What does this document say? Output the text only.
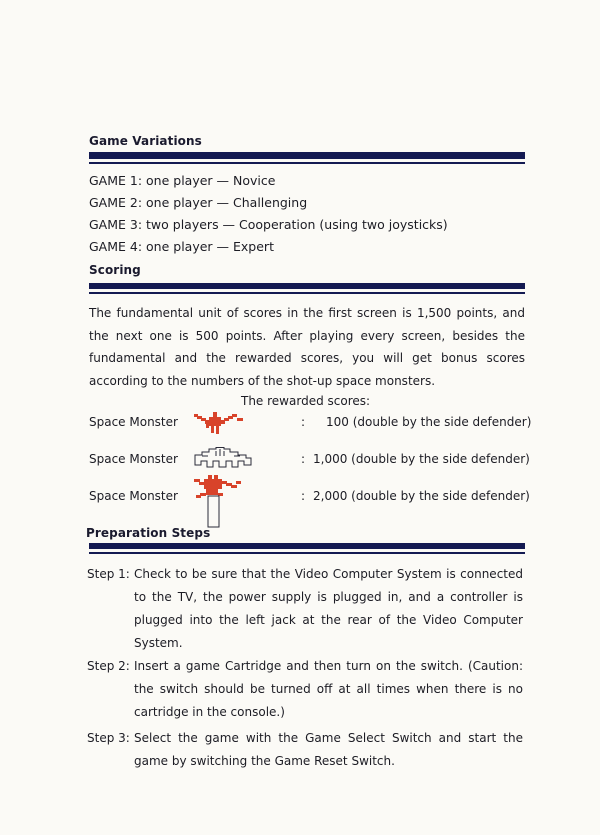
Game Variations
GAME 1: one player — Novice
GAME 2: one player — Challenging
GAME 3: two players — Cooperation (using two joysticks)
GAME 4: one player — Expert
Scoring
The fundamental unit of scores in the first screen is 1,500 points, and the next one is 500 points. After playing every screen, besides the fundamental and the rewarded scores, you will get bonus scores according to the numbers of the shot-up space monsters.
The rewarded scores:
Space Monster	: 100 (double by the side defender)
Space Monster	: 1,000 (double by the side defender)
Space Monster	: 2,000 (double by the side defender)
Preparation Steps
Step 1: Check to be sure that the Video Computer System is connected to the TV, the power supply is plugged in, and a controller is plugged into the left jack at the rear of the Video Computer System.
Step 2: Insert a game Cartridge and then turn on the switch. (Caution: the switch should be turned off at all times when there is no cartridge in the console.)
Step 3: Select the game with the Game Select Switch and start the game by switching the Game Reset Switch.
